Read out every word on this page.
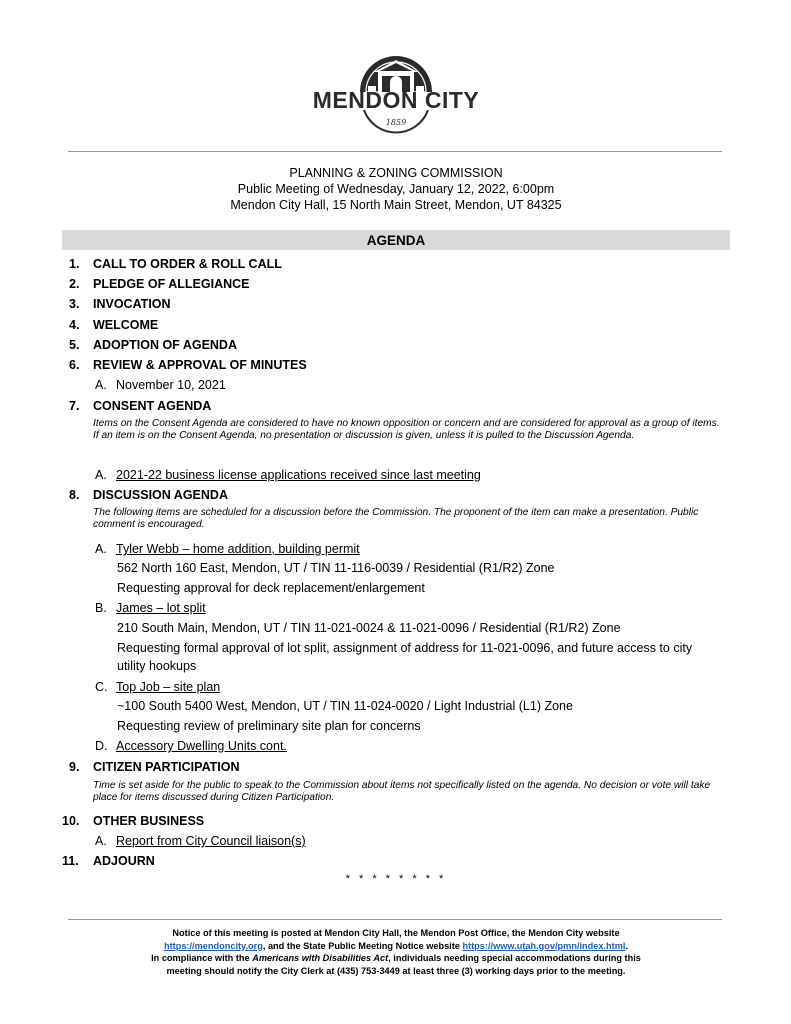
1859
MENDON CITY
PLANNING & ZONING COMMISSION
Public Meeting of Wednesday, January 12, 2022, 6:00pm
Mendon City Hall, 15 North Main Street, Mendon, UT 84325
AGENDA
1. CALL TO ORDER & ROLL CALL
2. PLEDGE OF ALLEGIANCE
3. INVOCATION
4. WELCOME
5. ADOPTION OF AGENDA
6. REVIEW & APPROVAL OF MINUTES
A. November 10, 2021
7. CONSENT AGENDA
Items on the Consent Agenda are considered to have no known opposition or concern and are considered for approval as a group of items. If an item is on the Consent Agenda, no presentation or discussion is given, unless it is pulled to the Discussion Agenda.
A. 2021-22 business license applications received since last meeting
8. DISCUSSION AGENDA
The following items are scheduled for a discussion before the Commission. The proponent of the item can make a presentation. Public comment is encouraged.
A. Tyler Webb – home addition, building permit
562 North 160 East, Mendon, UT / TIN 11-116-0039 / Residential (R1/R2) Zone
Requesting approval for deck replacement/enlargement
B. James – lot split
210 South Main, Mendon, UT / TIN 11-021-0024 & 11-021-0096 / Residential (R1/R2) Zone
Requesting formal approval of lot split, assignment of address for 11-021-0096, and future access to city utility hookups
C. Top Job – site plan
~100 South 5400 West, Mendon, UT / TIN 11-024-0020 / Light Industrial (L1) Zone
Requesting review of preliminary site plan for concerns
D. Accessory Dwelling Units cont.
9. CITIZEN PARTICIPATION
Time is set aside for the public to speak to the Commission about items not specifically listed on the agenda. No decision or vote will take place for items discussed during Citizen Participation.
10. OTHER BUSINESS
A. Report from City Council liaison(s)
11. ADJOURN
* * * * * * * *
Notice of this meeting is posted at Mendon City Hall, the Mendon Post Office, the Mendon City website
https://mendoncity.org, and the State Public Meeting Notice website https://www.utah.gov/pmn/index.html.
In compliance with the Americans with Disabilities Act, individuals needing special accommodations during this
meeting should notify the City Clerk at (435) 753-3449 at least three (3) working days prior to the meeting.
